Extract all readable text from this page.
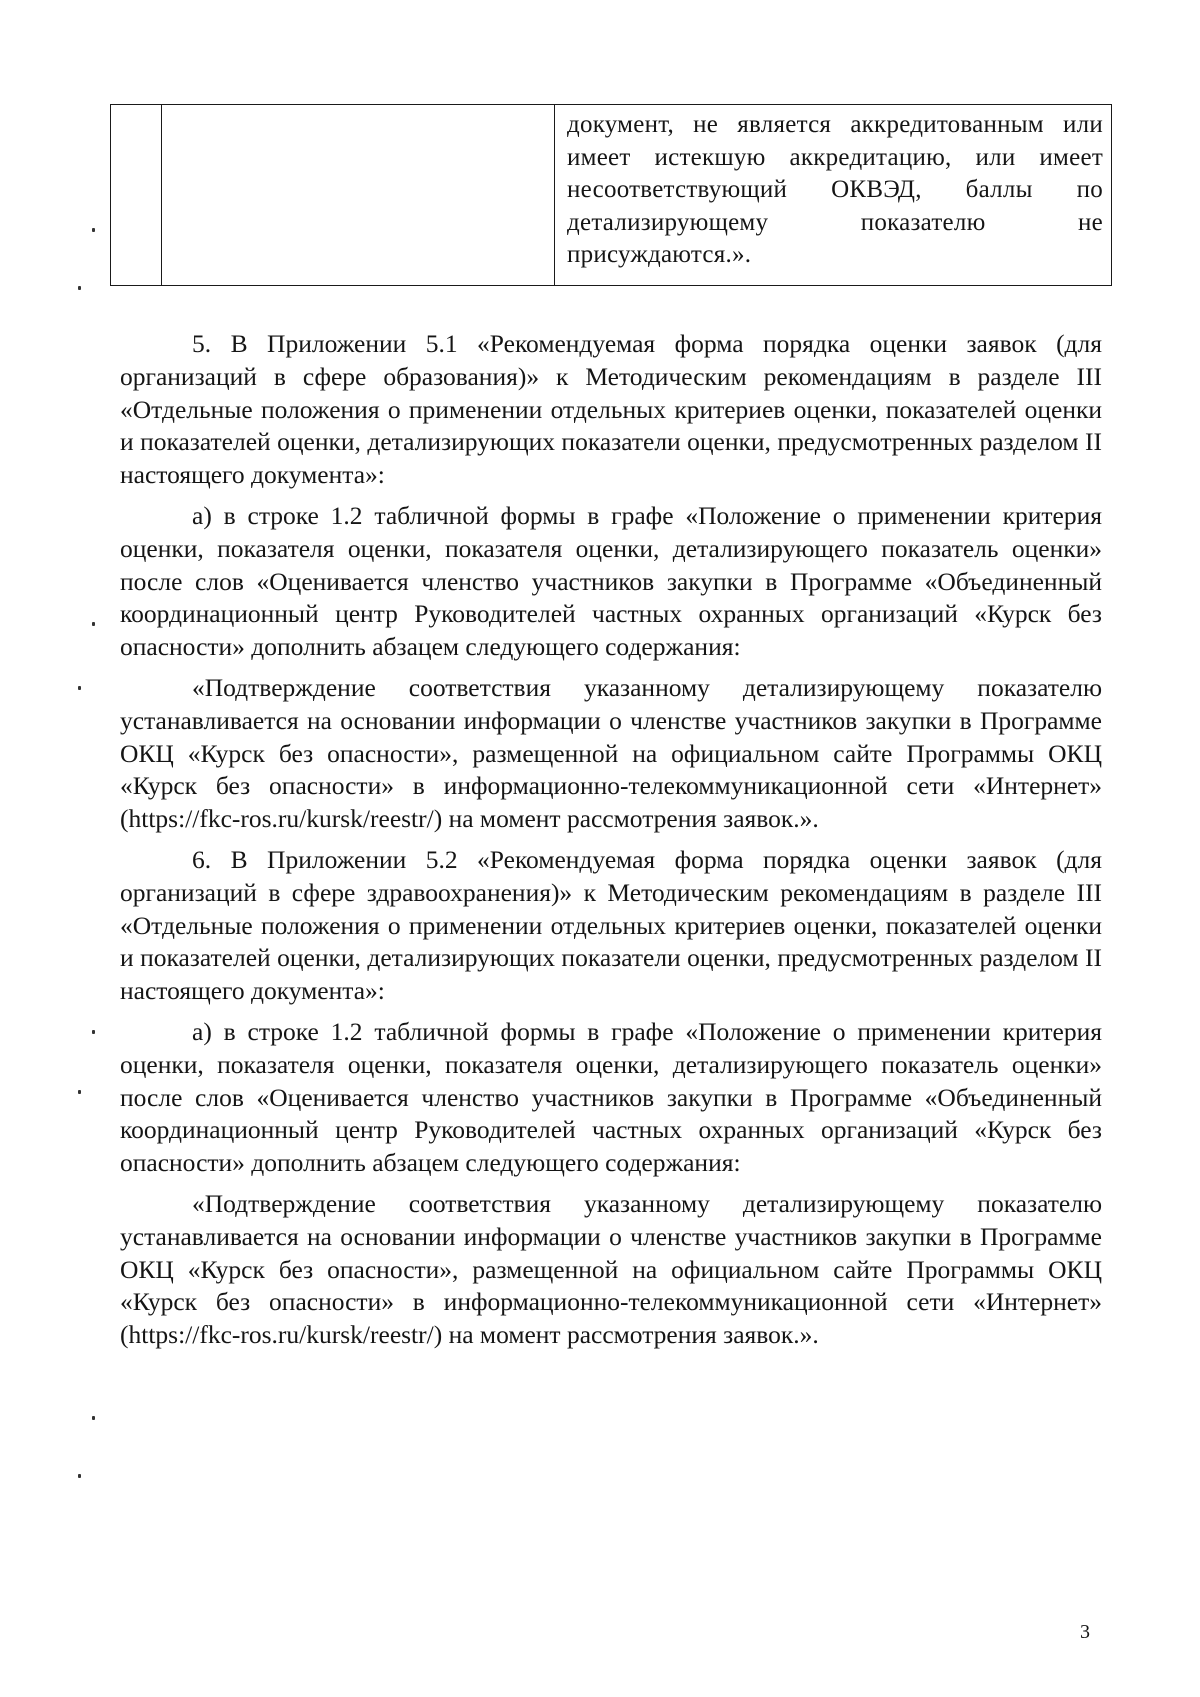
документ, не является аккредитованным или имеет истекшую аккредитацию, или имеет несоответствующий ОКВЭД, баллы по детализирующему показателю не присуждаются.».

5. В Приложении 5.1 «Рекомендуемая форма порядка оценки заявок (для организаций в сфере образования)» к Методическим рекомендациям в разделе III «Отдельные положения о применении отдельных критериев оценки, показателей оценки и показателей оценки, детализирующих показатели оценки, предусмотренных разделом II настоящего документа»:

а) в строке 1.2 табличной формы в графе «Положение о применении критерия оценки, показателя оценки, показателя оценки, детализирующего показатель оценки» после слов «Оценивается членство участников закупки в Программе «Объединенный координационный центр Руководителей частных охранных организаций «Курск без опасности» дополнить абзацем следующего содержания:

«Подтверждение соответствия указанному детализирующему показателю устанавливается на основании информации о членстве участников закупки в Программе ОКЦ «Курск без опасности», размещенной на официальном сайте Программы ОКЦ «Курск без опасности» в информационно-телекоммуникационной сети «Интернет» (https://fkc-ros.ru/kursk/reestr/) на момент рассмотрения заявок.».

6. В Приложении 5.2 «Рекомендуемая форма порядка оценки заявок (для организаций в сфере здравоохранения)» к Методическим рекомендациям в разделе III «Отдельные положения о применении отдельных критериев оценки, показателей оценки и показателей оценки, детализирующих показатели оценки, предусмотренных разделом II настоящего документа»:

а) в строке 1.2 табличной формы в графе «Положение о применении критерия оценки, показателя оценки, показателя оценки, детализирующего показатель оценки» после слов «Оценивается членство участников закупки в Программе «Объединенный координационный центр Руководителей частных охранных организаций «Курск без опасности» дополнить абзацем следующего содержания:

«Подтверждение соответствия указанному детализирующему показателю устанавливается на основании информации о членстве участников закупки в Программе ОКЦ «Курск без опасности», размещенной на официальном сайте Программы ОКЦ «Курск без опасности» в информационно-телекоммуникационной сети «Интернет» (https://fkc-ros.ru/kursk/reestr/) на момент рассмотрения заявок.».

3
